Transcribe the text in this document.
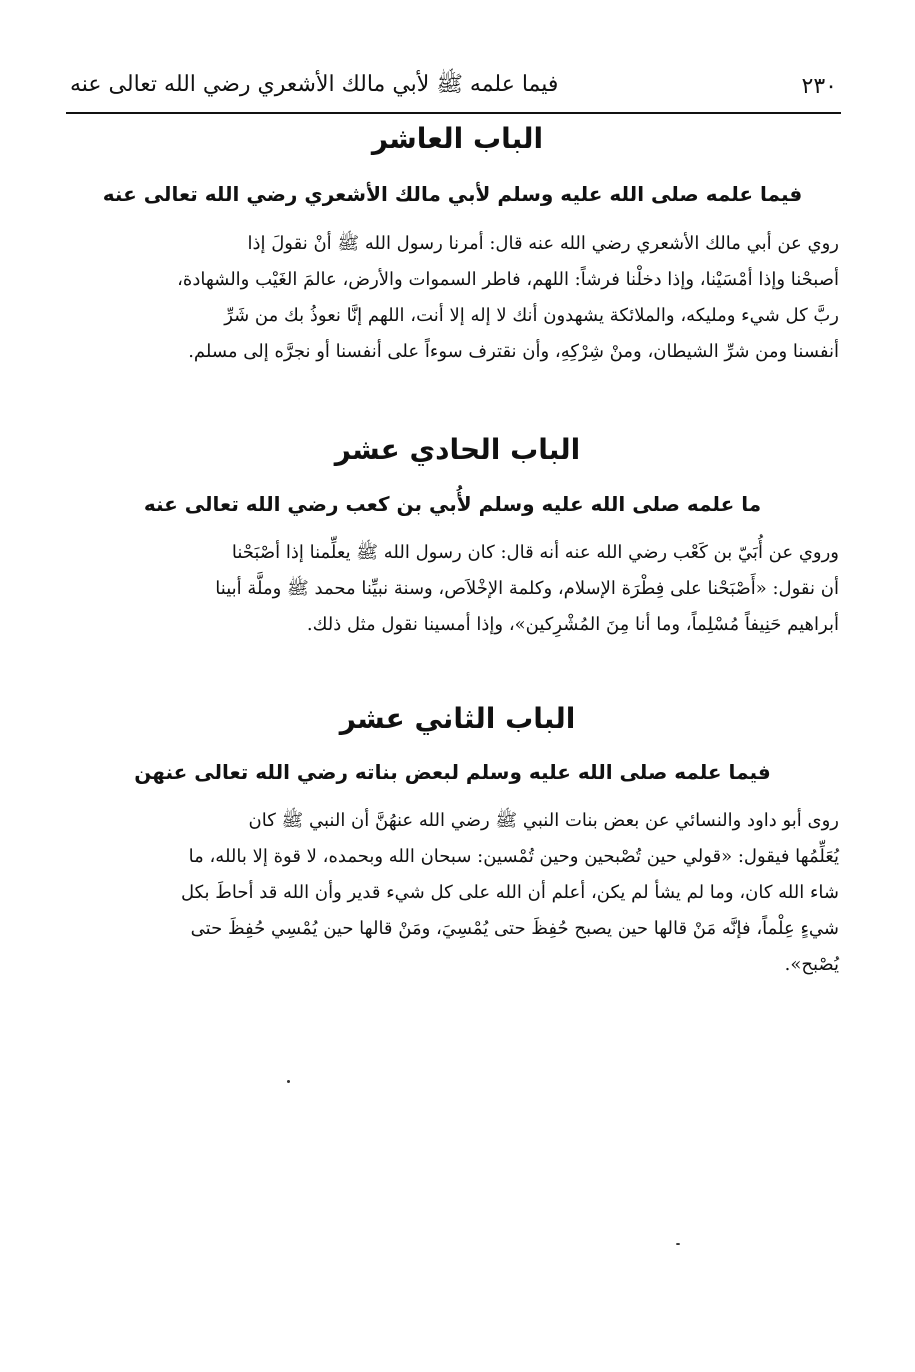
٢٣٠
فيما علمه ﷺ لأبي مالك الأشعري رضي الله تعالى عنه
الباب العاشر
فيما علمه صلى الله عليه وسلم لأبي مالك الأشعري رضي الله تعالى عنه
روي عن أبي مالك الأشعري رضي الله عنه قال: أمرنا رسول الله ﷺ أنْ نقولَ إذا
أصبحْنا وإذا أمْسَيْنا، وإذا دخلْنا فرشاً: اللهم، فاطر السموات والأرض، عالمَ الغَيْب والشهادة،
ربَّ كل شيء ومليكه، والملائكة يشهدون أنك لا إله إلا أنت، اللهم إنَّا نعوذُ بك من شَرِّ
أنفسنا ومن شرِّ الشيطان، ومنْ شِرْكِهِ، وأن نقترف سوءاً على أنفسنا أو نجرَّه إلى مسلم.
الباب الحادي عشر
ما علمه صلى الله عليه وسلم لأُبي بن كعب رضي الله تعالى عنه
وروي عن أُبَيّ بن كَعْب رضي الله عنه أنه قال: كان رسول الله ﷺ يعلِّمنا إذا أصْبَحْنا
أن نقول: «أَصْبَحْنا على فِطْرَة الإسلام، وكلمة الإخْلاَص، وسنة نبيِّنا محمد ﷺ وملَّة أبينا
أبراهيم حَنِيفاً مُسْلِماً، وما أنا مِنَ المُشْرِكين»، وإذا أمسينا نقول مثل ذلك.
الباب الثاني عشر
فيما علمه صلى الله عليه وسلم لبعض بناته رضي الله تعالى عنهن
روى أبو داود والنسائي عن بعض بنات النبي ﷺ رضي الله عنهُنَّ أن النبي ﷺ كان
يُعَلِّمُها فيقول: «قولي حين تُصْبحين وحين تُمْسين: سبحان الله وبحمده، لا قوة إلا بالله، ما
شاء الله كان، وما لم يشأ لم يكن، أعلم أن الله على كل شيء قدير وأن الله قد أحاطَ بكل
شيءٍ عِلْماً، فإنَّه مَنْ قالها حين يصبح حُفِظَ حتى يُمْسِيَ، ومَنْ قالها حين يُمْسِي حُفِظَ حتى
يُصْبح».
